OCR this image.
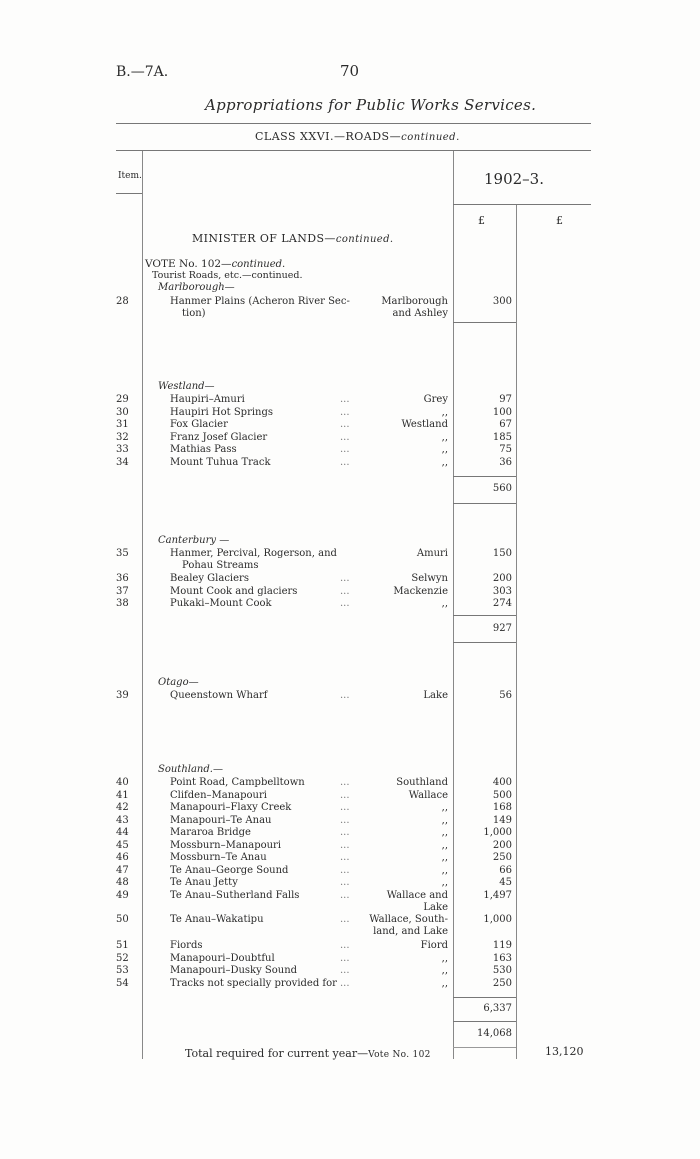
B.—7A.	70
Appropriations for Public Works Services.
CLASS XXVI.—ROADS—continued.
Item.	1902–3.
£	£
MINISTER OF LANDS—continued.
VOTE No. 102—continued.
Tourist Roads, etc.—continued.
Marlborough—
28	Hanmer Plains (Acheron River Sec-	Marlborough	300
tion)	and Ashley
Westland—
29	Haupiri–Amuri	...	Grey	97
30	Haupiri Hot Springs	...	,,	100
31	Fox Glacier	...	Westland	67
32	Franz Josef Glacier	...	,,	185
33	Mathias Pass	...	,,	75
34	Mount Tuhua Track	...	,,	36
560
Canterbury —
35	Hanmer, Percival, Rogerson, and	Amuri	150
Pohau Streams
36	Bealey Glaciers	...	Selwyn	200
37	Mount Cook and glaciers	...	Mackenzie	303
38	Pukaki–Mount Cook	...	,,	274
927
Otago—
39	Queenstown Wharf	...	Lake	56
Southland.—
40	Point Road, Campbelltown	...	Southland	400
41	Clifden–Manapouri	...	Wallace	500
42	Manapouri–Flaxy Creek	...	,,	168
43	Manapouri–Te Anau	...	,,	149
44	Mararoa Bridge	...	,,	1,000
45	Mossburn–Manapouri	...	,,	200
46	Mossburn–Te Anau	...	,,	250
47	Te Anau–George Sound	...	,,	66
48	Te Anau Jetty	...	,,	45
49	Te Anau–Sutherland Falls	...	Wallace and	1,497
Lake
50	Te Anau–Wakatipu	... Wallace, South-	1,000
land, and Lake
51	Fiords	...	Fiord	119
52	Manapouri–Doubtful	...	,,	163
53	Manapouri–Dusky Sound	...	,,	530
54	Tracks not specially provided for ...	,,	250
6,337
14,068
Total required for current year—Vote No. 102	13,120
